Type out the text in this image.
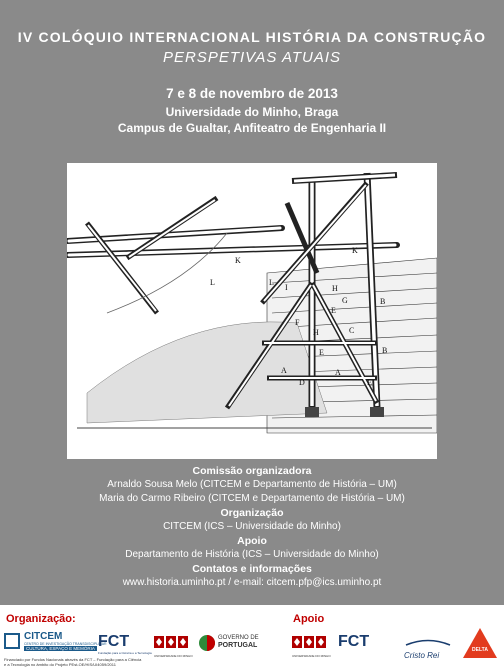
IV COLÓQUIO INTERNACIONAL HISTÓRIA DA CONSTRUÇÃO
PERSPETIVAS ATUAIS
7 e 8 de novembro de 2013
Universidade do Minho, Braga
Campus de Gualtar, Anfiteatro de Engenharia II
K
L
K
H
G
L
I
E
B
F
H	C
E
A
D
A
B
E
Comissão organizadora
Arnaldo Sousa Melo (CITCEM e Departamento de História – UM)
Maria do Carmo Ribeiro (CITCEM e Departamento de História – UM)
Organização
CITCEM (ICS – Universidade do Minho)
Apoio
Departamento de História (ICS – Universidade do Minho)
Contatos e informações
www.historia.uminho.pt / e-mail: citcem.pfp@ics.uminho.pt
Organização:	Apoio
CITCEM
CENTRO DE INVESTIGAÇÃO TRANSDISCIPLINAR
CULTURA, ESPAÇO E MEMÓRIA FCT
Fundação para a Ciência e a Tecnologia
UNIVERSIDADE DO MINHO
GOVERNO DE
PORTUGAL
UNIVERSIDADE DO MINHO
FCT
Cristo Rei
DELTA
Financiado por Fundos Nacionais através da FCT – Fundação para a Ciência e a Tecnologia no âmbito do Projeto PEst-OE/HIS/UI4059/2011
